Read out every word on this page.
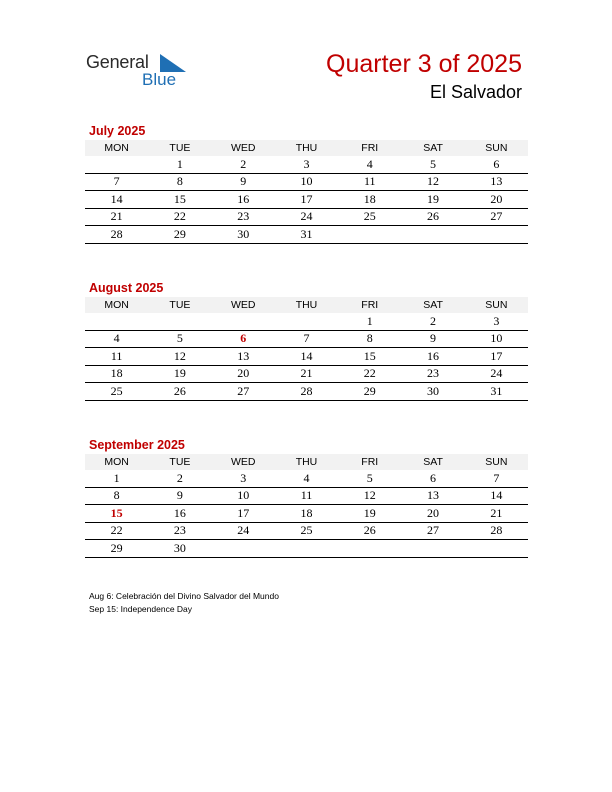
General
Blue
Quarter 3 of 2025
El Salvador
July 2025
MON	TUE	WED	THU	FRI	SAT	SUN
	1	2	3	4	5	6
7	8	9	10	11	12	13
14	15	16	17	18	19	20
21	22	23	24	25	26	27
28	29	30	31			
August 2025
MON	TUE	WED	THU	FRI	SAT	SUN
				1	2	3
4	5	6	7	8	9	10
11	12	13	14	15	16	17
18	19	20	21	22	23	24
25	26	27	28	29	30	31
September 2025
MON	TUE	WED	THU	FRI	SAT	SUN
1	2	3	4	5	6	7
8	9	10	11	12	13	14
15	16	17	18	19	20	21
22	23	24	25	26	27	28
29	30					
Aug 6: Celebración del Divino Salvador del Mundo
Sep 15: Independence Day
